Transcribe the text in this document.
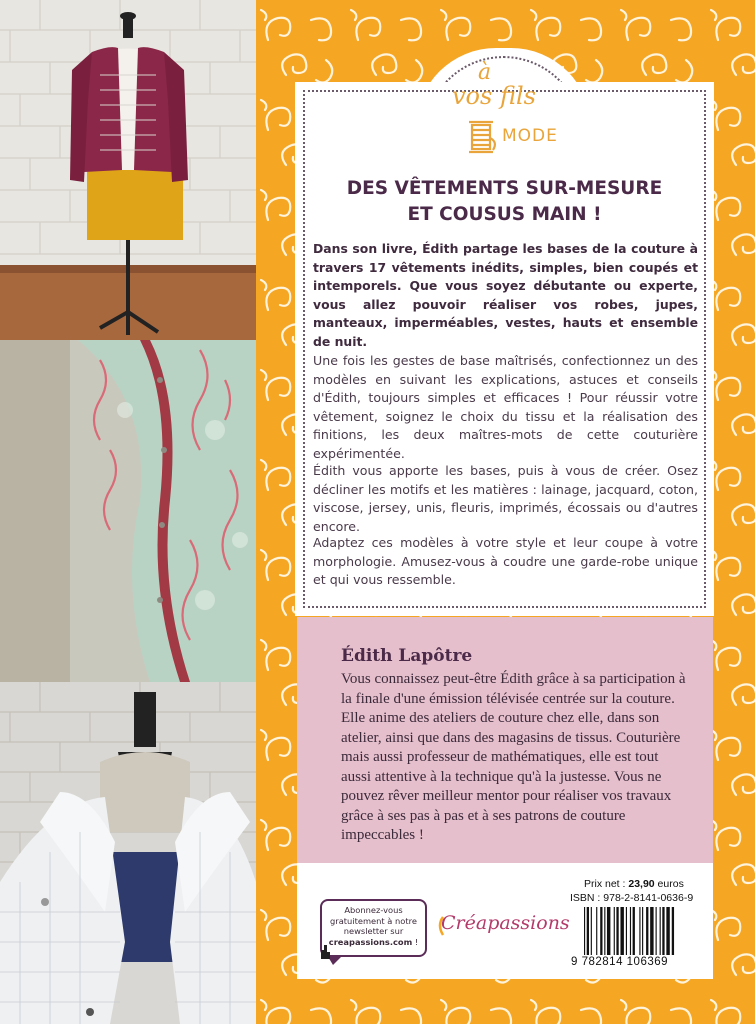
à
vos fils
MODE
DES VÊTEMENTS SUR-MESURE
ET COUSUS MAIN !

Dans son livre, Édith partage les bases de la couture à travers 17 vêtements inédits, simples, bien coupés et intemporels. Que vous soyez débutante ou experte, vous allez pouvoir réaliser vos robes, jupes, manteaux, imperméables, vestes, hauts et ensemble de nuit.

Une fois les gestes de base maîtrisés, confectionnez un des modèles en suivant les explications, astuces et conseils d'Édith, toujours simples et efficaces ! Pour réussir votre vêtement, soignez le choix du tissu et la réalisation des finitions, les deux maîtres-mots de cette couturière expérimentée.

Édith vous apporte les bases, puis à vous de créer. Osez décliner les motifs et les matières : lainage, jacquard, coton, viscose, jersey, unis, fleuris, imprimés, écossais ou d'autres encore.

Adaptez ces modèles à votre style et leur coupe à votre morphologie. Amusez-vous à coudre une garde-robe unique et qui vous ressemble.

Édith Lapôtre

Vous connaissez peut-être Édith grâce à sa participation à la finale d'une émission télévisée centrée sur la couture. Elle anime des ateliers de couture chez elle, dans son atelier, ainsi que dans des magasins de tissus. Couturière mais aussi professeur de mathématiques, elle est tout aussi attentive à la technique qu'à la justesse. Vous ne pouvez rêver meilleur mentor pour réaliser vos travaux grâce à ses pas à pas et à ses patrons de couture impeccables !

Abonnez-vous
gratuitement à notre
newsletter sur
creapassions.com !
Créapassions
Prix net : 23,90 euros
ISBN : 978-2-8141-0636-9
9 782814 106369
